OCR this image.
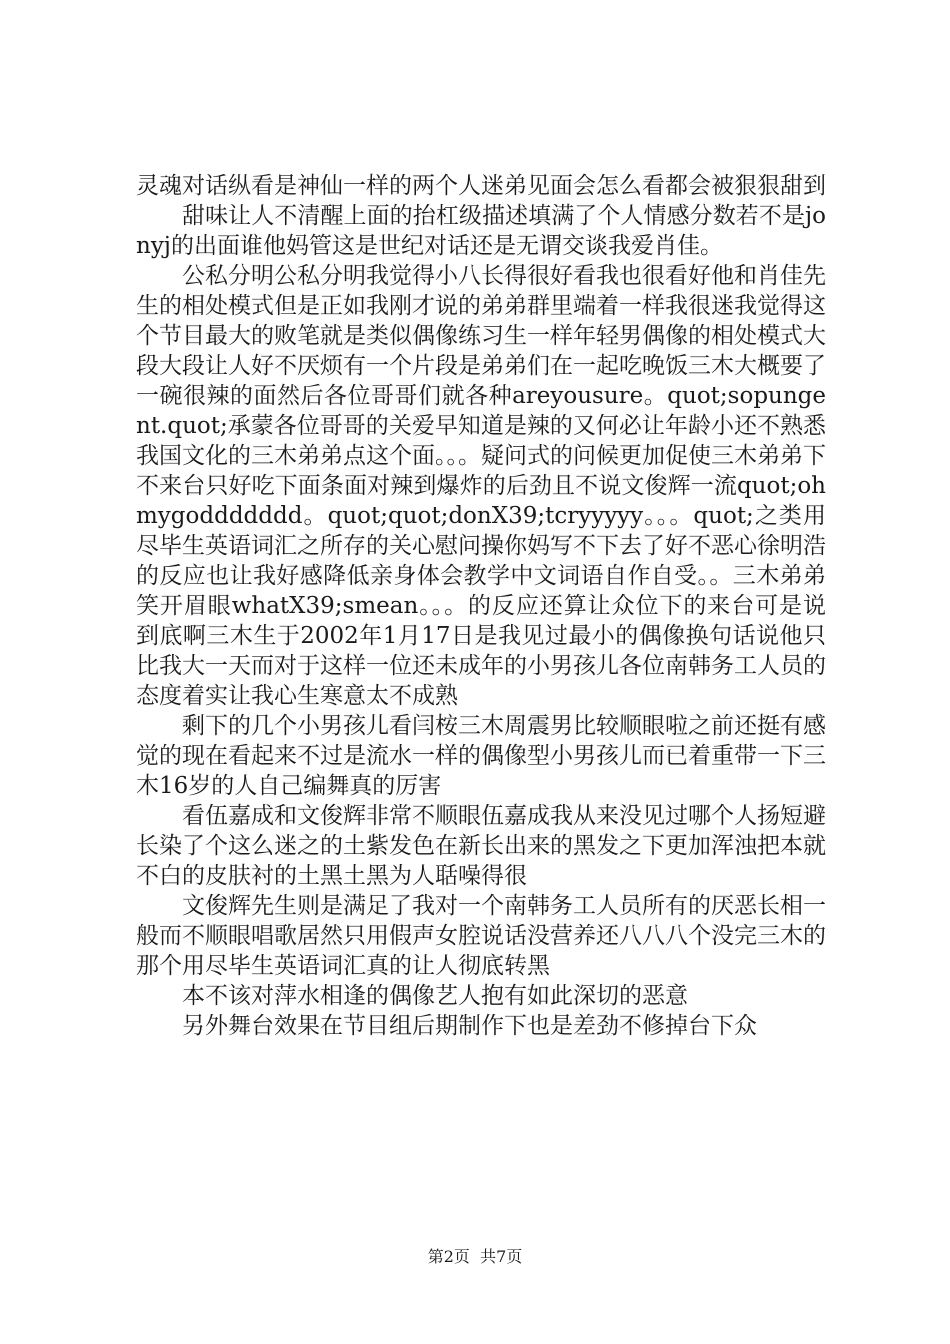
灵魂对话纵看是神仙一样的两个人迷弟见面会怎么看都会被狠狠甜到

甜味让人不清醒上面的抬杠级描述填满了个人情感分数若不是jonyj的出面谁他妈管这是世纪对话还是无谓交谈我爱肖佳。

公私分明公私分明我觉得小八长得很好看我也很看好他和肖佳先生的相处模式但是正如我刚才说的弟弟群里端着一样我很迷我觉得这个节目最大的败笔就是类似偶像练习生一样年轻男偶像的相处模式大段大段让人好不厌烦有一个片段是弟弟们在一起吃晚饭三木大概要了一碗很辣的面然后各位哥哥们就各种areyousure。quot;sopungent.quot;承蒙各位哥哥的关爱早知道是辣的又何必让年龄小还不熟悉我国文化的三木弟弟点这个面。。。疑问式的问候更加促使三木弟弟下不来台只好吃下面条面对辣到爆炸的后劲且不说文俊辉一流quot;ohmygoddddddd。quot;quot;donX39;tcryyyyy。。。quot;之类用尽毕生英语词汇之所存的关心慰问操你妈写不下去了好不恶心徐明浩的反应也让我好感降低亲身体会教学中文词语自作自受。。三木弟弟笑开眉眼whatX39;smean。。。的反应还算让众位下的来台可是说到底啊三木生于2002年1月17日是我见过最小的偶像换句话说他只比我大一天而对于这样一位还未成年的小男孩儿各位南韩务工人员的态度着实让我心生寒意太不成熟

剩下的几个小男孩儿看闫桉三木周震男比较顺眼啦之前还挺有感觉的现在看起来不过是流水一样的偶像型小男孩儿而已着重带一下三木16岁的人自己编舞真的厉害

看伍嘉成和文俊辉非常不顺眼伍嘉成我从来没见过哪个人扬短避长染了个这么迷之的土紫发色在新长出来的黑发之下更加浑浊把本就不白的皮肤衬的土黑土黑为人聒噪得很

文俊辉先生则是满足了我对一个南韩务工人员所有的厌恶长相一般而不顺眼唱歌居然只用假声女腔说话没营养还八八八个没完三木的那个用尽毕生英语词汇真的让人彻底转黑

本不该对萍水相逢的偶像艺人抱有如此深切的恶意

另外舞台效果在节目组后期制作下也是差劲不修掉台下众

第2页  共7页
